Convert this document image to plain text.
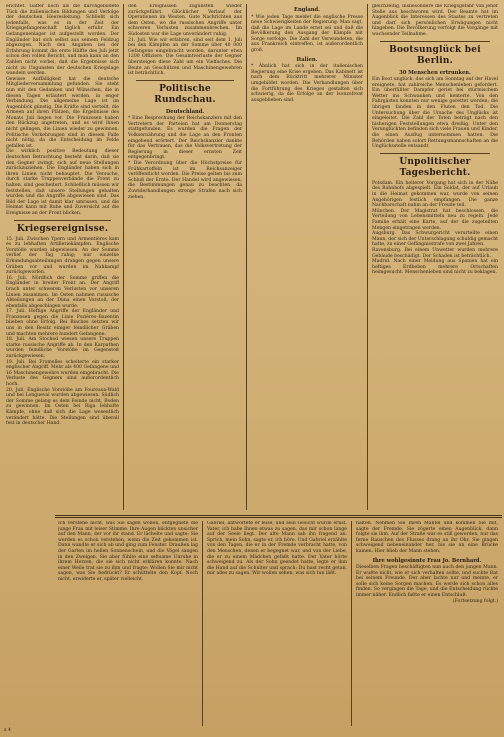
erichtet. Gaffer noch als die durchgebildete Tüch die italienischen Bildungen und Verfolge der deutschen Heeresleitung. Schlieht sich jedenfalls, was es in der Zeit der Kriegsgefangenschaft täglich erfuhr. Ein Gefangenenlager ist aufgestellt worden. Der Engländer hat sich selbst aus seinem Feldzug abgezogen. Nach den Angaben bei der Erfahrung kommt die erste Hälfte des Juli jetzt schon den vollen Bericht, und man kann an den Zahlen nicht vorbei, daß die Ergebnisse sich nicht zu Ungunsten der deutschen Kriegslage wandeln werden.

Gewisse Auffälligkeit hat die deutsche Mitgliederversammlung gefunden. Sie steht nun mit den Gedanken und Wünschen, die in diesen Tagen erläutert werden, in enger Verbindung. Die allgemeine Lage ist im Augenblick günstig. Die Kräfte sind verteilt, die Armeen auf ihren Plätzen, die Ergebnisse des Monats Juli liegen vor. Die Franzosen haben den Rückzug angetreten, und es wird ihnen nicht gelingen, die Linien wieder zu gewinnen. Politische Vorkehrungen sind in diesem Falle nicht nötig, da die Entscheidung im Felde gefallen ist.

Die wirklich positive Bedeutung dieser deutschen Betrachtung besteht darin, daß sie den Gegner zwingt, sich auf neue Stellungen zurückzuziehen. Die Engländer haben sich in ihren Linien nicht behauptet. Die Versuche, durch starke Truppenverbände die Front zu halten, sind gescheitert. Schließlich müssen wir feststellen, daß unsere Stellungen gehalten wurden und die Angriffe abgewiesen sind. Das Bild der Lage ist damit klar umrissen, und die Heimat kann mit Ruhe und Zuversicht auf die Ereignisse an der Front blicken.

Kriegsereignisse.

15. Juli. Zwischen Ypern und Armentières kam es zu lebhaften Artilleriekämpfen. Englische Vorstöße wurden abgewiesen. An der Somme verlief der Tag ruhig; nur einzelne Erkundungsabteilungen drangen gegen unsere Gräben vor und wurden im Nahkampf zurückgeworfen.

16. Juli. Nördlich der Somme griffen die Engländer in breiter Front an. Der Angriff brach unter schweren Verlusten vor unseren Linien zusammen. Im Osten nahmen russische Abteilungen an der Düna einen Vorstoß, der ebenfalls abgeschlagen wurde.

17. Juli. Heftige Angriffe der Engländer und Franzosen gegen die Linie Pozières–Bazentin blieben ohne Erfolg. Bei Biaches setzten wir uns in den Besitz einiger feindlicher Gräben und machten mehrere hundert Gefangene.

18. Juli. Am Stochod wiesen unsere Truppen starke russische Angriffe ab. In den Karpathen wurden feindliche Vorstöße im Gegenstoß zurückgewiesen.

19. Juli. Bei Fromelles scheiterte ein starker englischer Angriff. Mehr als 400 Gefangene und 16 Maschinengewehre wurden eingebracht. Die Verluste des Gegners sind außerordentlich hoch.

20. Juli. Englische Vorstöße am Foureaux-Wald und bei Longueval wurden abgewiesen. Südlich der Somme gelang es dem Feinde nicht, Boden zu gewinnen. Im Osten bei Riga lebhafte Kämpfe, ohne daß sich die Lage wesentlich verändert hätte. Die Stellungen sind überall fest in deutscher Hand.

den Ereignissen zugunsten wieder zurückgeführt. Glücklicher Verlauf der Operationen im Westen. Gute Nachrichten aus dem Osten, wo die russischen Angriffe unter schweren Verlusten zusammenbrechen. Im Südosten war die Lage unverändert ruhig.

21. Juli. Wie wir erfahren, sind seit dem 1. Juli bei den Kämpfen an der Somme über 40 000 Gefangene eingebracht worden, darunter etwa 1200 Offiziere. Die Gesamtverluste der Gegner übersteigen diese Zahl um ein Vielfaches. Die Beute an Geschützen und Maschinengewehren ist beträchtlich.

Politische Rundschau.
Deutschland.

* Eine Besprechung der Reichskanzlers mit den Vertretern der Parteien hat am Donnerstag stattgefunden. Es wurden die Fragen der Volksernährung und die Lage an den Fronten eingehend erörtert. Der Reichskanzler dankte für das Vertrauen, das die Volksvertretung der Regierung in dieser ernsten Zeit entgegenbringt.

* Die Verordnung über die Höchstpreise für Frühkartoffeln ist im Reichsanzeiger veröffentlicht worden. Die Preise gelten bis zum Schluß der Ernte. Der Handel wird angewiesen, die Bestimmungen genau zu beachten, da Zuwiderhandlungen strenge Strafen nach sich ziehen.

England.

* Wie jeden Tage meldet die englische Presse neue Schwierigkeiten der Regierung. Man sagt, daß die Lage im Lande ernst sei und daß die Bevölkerung den Ausgang der Kämpfe mit Sorge verfolge. Die Zahl der Verwundeten, die aus Frankreich eintreffen, ist außerordentlich groß.

Italien.

* Ähnlich hat sich in der italienischen Regierung eine Krise ergeben. Das Kabinett ist nach dem Rücktritt mehrerer Minister umgebildet worden. Die Verhandlungen über die Fortführung des Krieges gestalten sich schwierig, da die Erfolge an der Isonzofront ausgeblieben sind.

gleichzeitig, insbesondere die Kriegsgefahr von jener Stelle aus beschworen wird. Der Beamte hat im Augenblick die Interessen des Staates zu vertreten und darf sich persönlichen Erwägungen nicht hingeben. Die Bevölkerung verfolgt die Vorgänge mit wachsender Teilnahme.

Bootsunglück bei Berlin.
30 Menschen ertrunken.

Ein Boot unglück, das sich am Sonntag auf der Havel ereignete, hat zahlreiche Menschenleben gefordert. Ein überfüllter Dampfer geriet bei stürmischem Wetter ins Schwanken und kenterte. Von den Fahrgästen konnten nur wenige gerettet werden; die übrigen fanden in den Fluten den Tod. Die Untersuchung über die Ursache des Unglücks ist eingeleitet. Die Zahl der Toten beträgt nach den bisherigen Feststellungen etwa dreißig. Unter den Verunglückten befinden sich viele Frauen und Kinder, die einen Ausflug unternommen hatten. Die Behörden haben sofort Rettungsmannschaften an die Unglücksstelle entsandt.

Unpolitischer Tagesbericht.

Potsdam. Ein heiterer Vorgang hat sich in der Nähe des Bahnhofs abgespielt. Ein Soldat, der auf Urlaub in die Heimat gekommen war, wurde von seinen Angehörigen festlich empfangen. Die ganze Nachbarschaft nahm an der Freude teil.

München. Der Magistrat hat beschlossen, die Verteilung von Lebensmitteln neu zu regeln. Jede Familie erhält eine Karte, auf der die zugeteilten Mengen eingetragen werden.

Augsburg. Das Schwurgericht verurteilte einen Mann, der sich der Unterschlagung schuldig gemacht hatte, zu einer Gefängnisstrafe von zwei Jahren.

Ravensburg. Bei einem Unwetter wurden mehrere Gebäude beschädigt. Der Schaden ist beträchtlich.

Madrid. Nach einer Meldung aus Spanien hat ein heftiges Erdbeben mehrere Ortschaften heimgesucht. Menschenleben sind nicht zu beklagen.

Ich verstehe nicht, was Sie sagen wollen, entgegnete die junge Frau mit leiser Stimme. Ihre Augen blickten unsicher auf den Mann, der vor ihr stand. Er lächelte und sagte: Sie werden es schon verstehen, wenn die Zeit gekommen ist. Dann wandte er sich ab und ging zum Fenster. Draußen lag der Garten im hellen Sonnenschein, und die Vögel sangen in den Zweigen. Sie aber fühlte eine seltsame Unruhe in ihrem Herzen, die sie sich nicht erklären konnte. Nach einer Weile trat sie zu ihm und fragte: Wollen Sie mir nicht sagen, was Sie bedrückt? Er schüttelte den Kopf. Noch nicht, erwiderte er, später vielleicht.

Gabriel, antwortete er leise, und sein Gesicht wurde ernst. Vater, ich habe Ihnen etwas zu sagen, das mir schon lange auf der Seele liegt. Der alte Mann sah ihn fragend an. Sprich, mein Sohn, sagte er, ich höre. Und Gabriel erzählte von den Tagen, die er in der Fremde verbracht hatte, von den Menschen, denen er begegnet war, und von der Liebe, die er zu einem Mädchen gefaßt hatte. Der Vater hörte schweigend zu. Als der Sohn geendet hatte, legte er ihm die Hand auf die Schulter und sprach: Du hast recht getan, mir alles zu sagen. Wir wollen sehen, was sich tun läßt.

halten. Nehmen Sie Ihren Mantel und kommen Sie mit, sagte der Fremde. Sie zögerte einen Augenblick, dann folgte sie ihm. Auf der Straße war es still geworden, nur das ferne Rauschen des Flusses drang an ihr Ohr. Sie gingen schweigend nebeneinander her, bis sie an eine Brücke kamen. Hier blieb der Mann stehen.

Ihre wohlgesinnte Frau Jo. Bernhard.

Dieselben Fragen beschäftigten nun auch den jungen Mann. Er wußte nicht, wie er sich verhalten sollte, und suchte Rat bei seinem Freunde. Der aber lachte nur und meinte, er solle sich keine Sorgen machen. Es werde sich schon alles finden. So vergingen die Tage, und die Entscheidung rückte immer näher. Endlich faßte er einen Entschluß.

(Fortsetzung folgt.)

x 4
